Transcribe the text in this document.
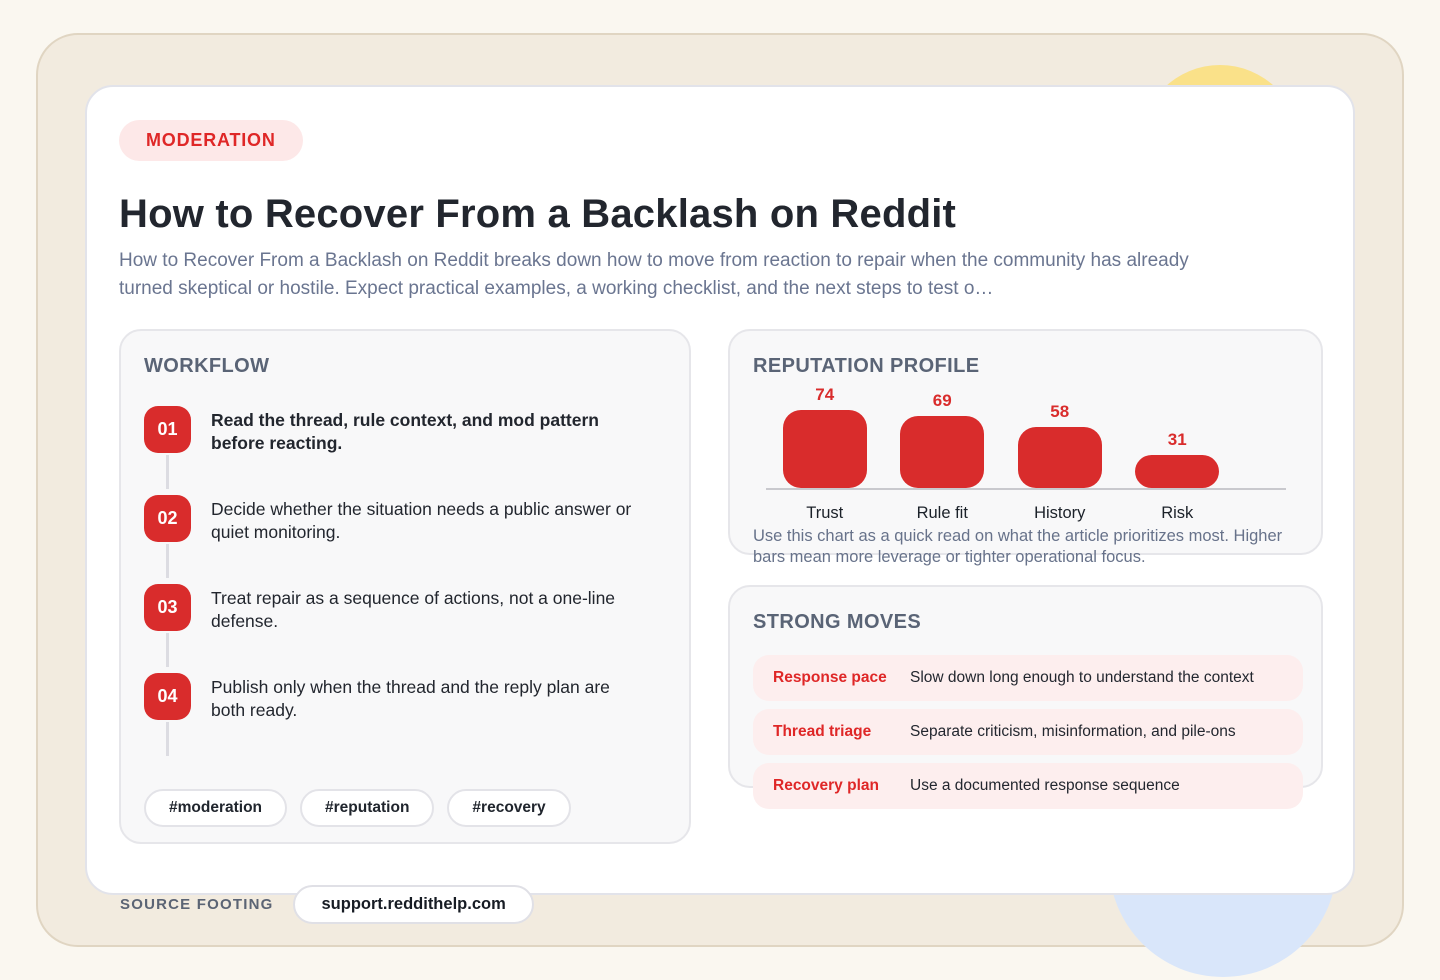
MODERATION
How to Recover From a Backlash on Reddit

How to Recover From a Backlash on Reddit breaks down how to move from reaction to repair when the community has already turned skeptical or hostile. Expect practical examples, a working checklist, and the next steps to test o…

WORKFLOW
01	Read the thread, rule context, and mod pattern before reacting.
02	Decide whether the situation needs a public answer or quiet monitoring.
03	Treat repair as a sequence of actions, not a one-line defense.
04	Publish only when the thread and the reply plan are both ready.
#moderation	#reputation	#recovery
REPUTATION PROFILE
74	69
58
31
Trust	Rule fit	History	Risk

Use this chart as a quick read on what the article prioritizes most. Higher bars mean more leverage or tighter operational focus.

STRONG MOVES
Response pace	Slow down long enough to understand the context
Thread triage	Separate criticism, misinformation, and pile-ons
Recovery plan	Use a documented response sequence
SOURCE FOOTING	support.reddithelp.com
